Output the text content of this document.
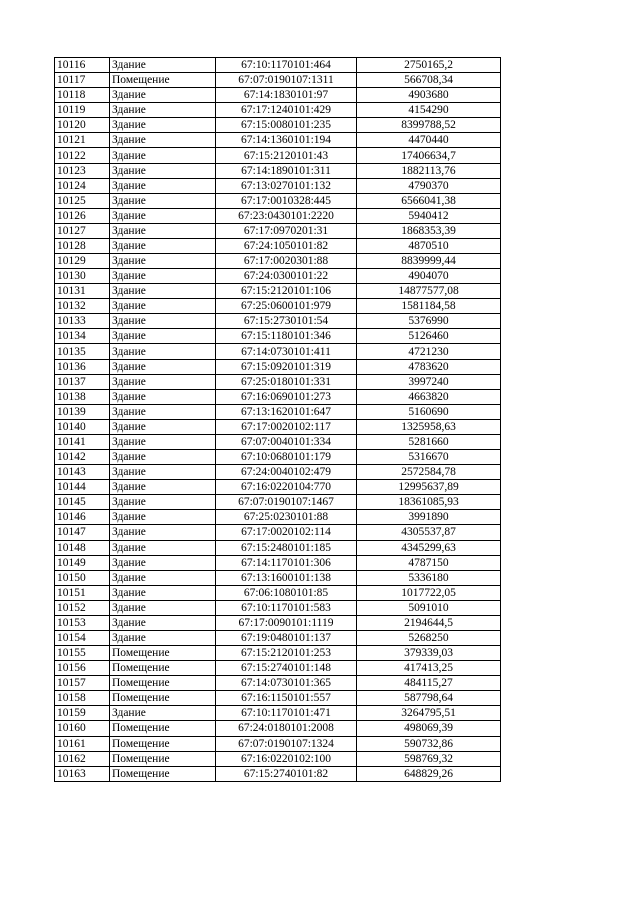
10116	Здание	67:10:1170101:464	2750165,2
10117	Помещение	67:07:0190107:1311	566708,34
10118	Здание	67:14:1830101:97	4903680
10119	Здание	67:17:1240101:429	4154290
10120	Здание	67:15:0080101:235	8399788,52
10121	Здание	67:14:1360101:194	4470440
10122	Здание	67:15:2120101:43	17406634,7
10123	Здание	67:14:1890101:311	1882113,76
10124	Здание	67:13:0270101:132	4790370
10125	Здание	67:17:0010328:445	6566041,38
10126	Здание	67:23:0430101:2220	5940412
10127	Здание	67:17:0970201:31	1868353,39
10128	Здание	67:24:1050101:82	4870510
10129	Здание	67:17:0020301:88	8839999,44
10130	Здание	67:24:0300101:22	4904070
10131	Здание	67:15:2120101:106	14877577,08
10132	Здание	67:25:0600101:979	1581184,58
10133	Здание	67:15:2730101:54	5376990
10134	Здание	67:15:1180101:346	5126460
10135	Здание	67:14:0730101:411	4721230
10136	Здание	67:15:0920101:319	4783620
10137	Здание	67:25:0180101:331	3997240
10138	Здание	67:16:0690101:273	4663820
10139	Здание	67:13:1620101:647	5160690
10140	Здание	67:17:0020102:117	1325958,63
10141	Здание	67:07:0040101:334	5281660
10142	Здание	67:10:0680101:179	5316670
10143	Здание	67:24:0040102:479	2572584,78
10144	Здание	67:16:0220104:770	12995637,89
10145	Здание	67:07:0190107:1467	18361085,93
10146	Здание	67:25:0230101:88	3991890
10147	Здание	67:17:0020102:114	4305537,87
10148	Здание	67:15:2480101:185	4345299,63
10149	Здание	67:14:1170101:306	4787150
10150	Здание	67:13:1600101:138	5336180
10151	Здание	67:06:1080101:85	1017722,05
10152	Здание	67:10:1170101:583	5091010
10153	Здание	67:17:0090101:1119	2194644,5
10154	Здание	67:19:0480101:137	5268250
10155	Помещение	67:15:2120101:253	379339,03
10156	Помещение	67:15:2740101:148	417413,25
10157	Помещение	67:14:0730101:365	484115,27
10158	Помещение	67:16:1150101:557	587798,64
10159	Здание	67:10:1170101:471	3264795,51
10160	Помещение	67:24:0180101:2008	498069,39
10161	Помещение	67:07:0190107:1324	590732,86
10162	Помещение	67:16:0220102:100	598769,32
10163	Помещение	67:15:2740101:82	648829,26
